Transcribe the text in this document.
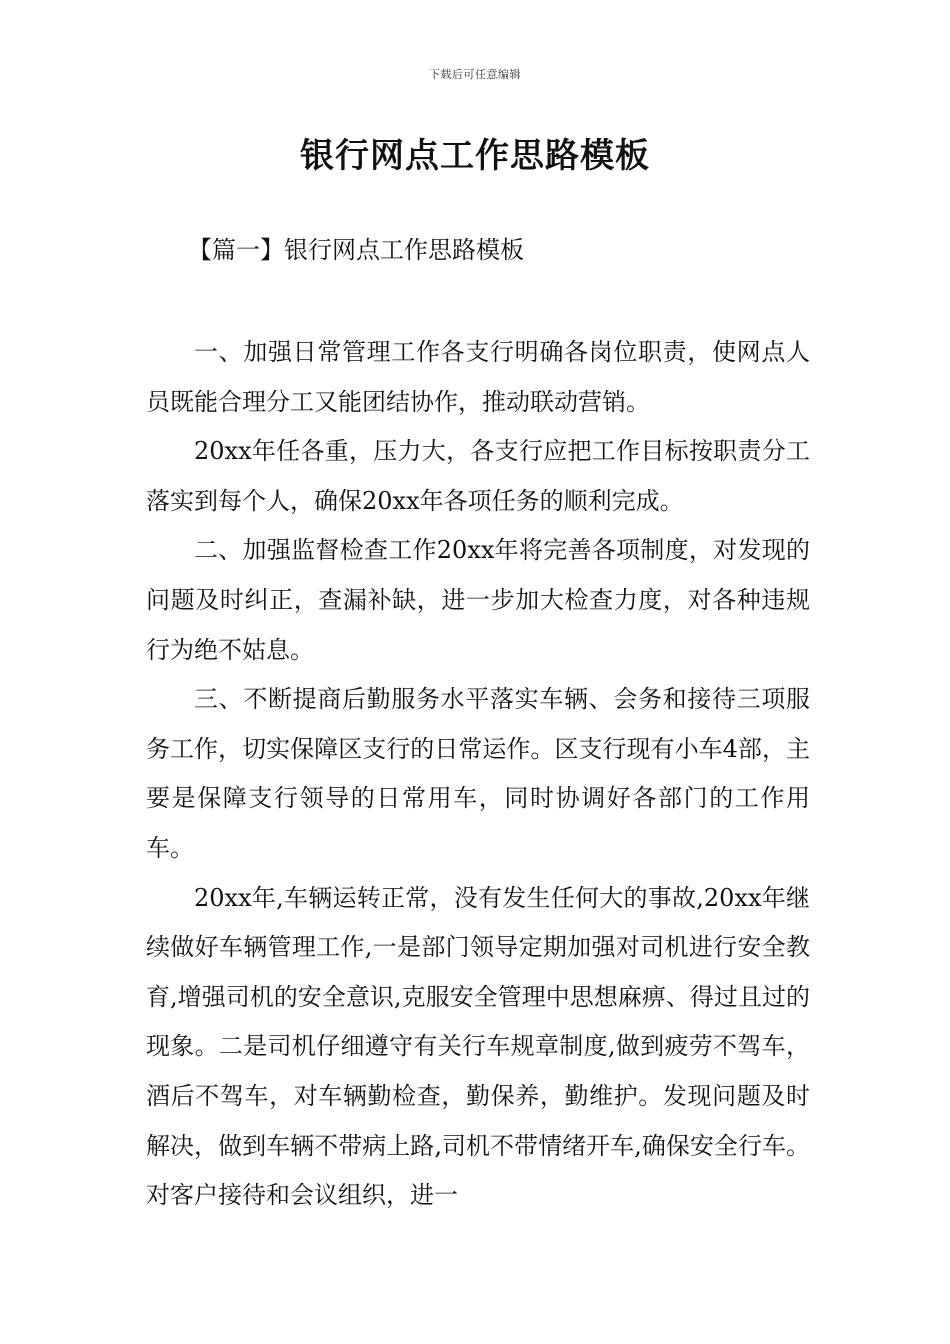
下载后可任意编辑
银行网点工作思路模板
【篇一】银行网点工作思路模板

一、加强日常管理工作各支行明确各岗位职责，使网点人员既能合理分工又能团结协作，推动联动营销。

20xx年任各重，压力大，各支行应把工作目标按职责分工落实到每个人，确保20xx年各项任务的顺利完成。

二、加强监督检查工作20xx年将完善各项制度，对发现的问题及时纠正，查漏补缺，进一步加大检查力度，对各种违规行为绝不姑息。

三、不断提商后勤服务水平落实车辆、会务和接待三项服务工作，切实保障区支行的日常运作。区支行现有小车4部，主要是保障支行领导的日常用车，同时协调好各部门的工作用车。

20xx年,车辆运转正常，没有发生任何大的事故,20xx年继续做好车辆管理工作,一是部门领导定期加强对司机进行安全教育,增强司机的安全意识,克服安全管理中思想麻痹、得过且过的现象。二是司机仔细遵守有关行车规章制度,做到疲劳不驾车，酒后不驾车，对车辆勤检查，勤保养，勤维护。发现问题及时解决，做到车辆不带病上路,司机不带情绪开车,确保安全行车。对客户接待和会议组织，进一
